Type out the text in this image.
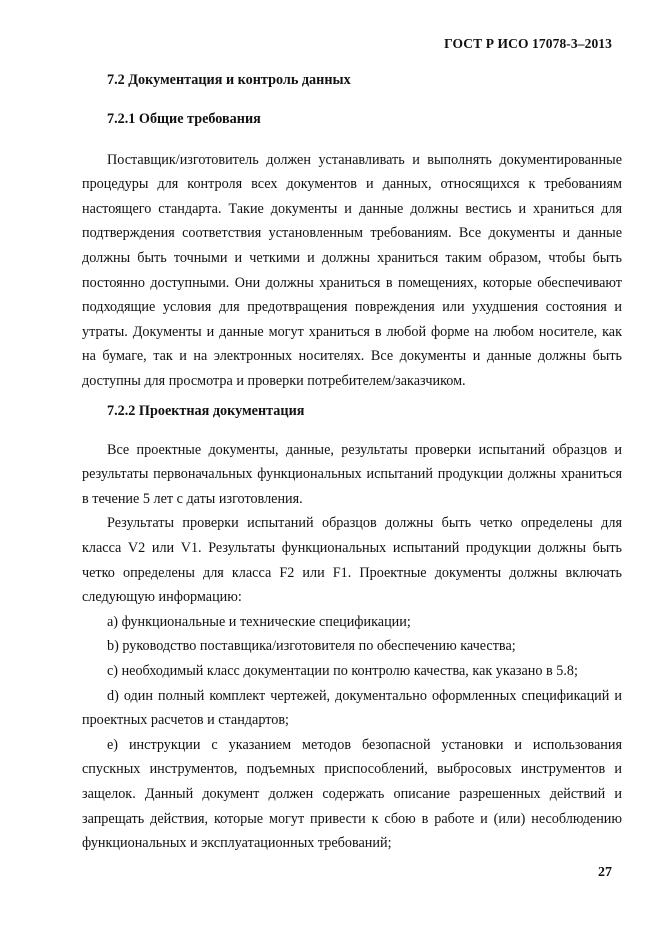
ГОСТ Р ИСО 17078-3–2013
7.2 Документация и контроль данных
7.2.1 Общие требования

Поставщик/изготовитель должен устанавливать и выполнять документированные процедуры для контроля всех документов и данных, относящихся к требованиям настоящего стандарта. Такие документы и данные должны вестись и храниться для подтверждения соответствия установленным требованиям. Все документы и данные должны быть точными и четкими и должны храниться таким образом, чтобы быть постоянно доступными. Они должны храниться в помещениях, которые обеспечивают подходящие условия для предотвращения повреждения или ухудшения состояния и утраты. Документы и данные могут храниться в любой форме на любом носителе, как на бумаге, так и на электронных носителях. Все документы и данные должны быть доступны для просмотра и проверки потребителем/заказчиком.

7.2.2 Проектная документация

Все проектные документы, данные, результаты проверки испытаний образцов и результаты первоначальных функциональных испытаний продукции должны храниться в течение 5 лет с даты изготовления.

Результаты проверки испытаний образцов должны быть четко определены для класса V2 или V1. Результаты функциональных испытаний продукции должны быть четко определены для класса F2 или F1. Проектные документы должны включать следующую информацию:

a) функциональные и технические спецификации;

b) руководство поставщика/изготовителя по обеспечению качества;

c) необходимый класс документации по контролю качества, как указано в 5.8;

d) один полный комплект чертежей, документально оформленных спецификаций и проектных расчетов и стандартов;

e) инструкции с указанием методов безопасной установки и использования спускных инструментов, подъемных приспособлений, выбросовых инструментов и защелок. Данный документ должен содержать описание разрешенных действий и запрещать действия, которые могут привести к сбою в работе и (или) несоблюдению функциональных и эксплуатационных требований;

27
